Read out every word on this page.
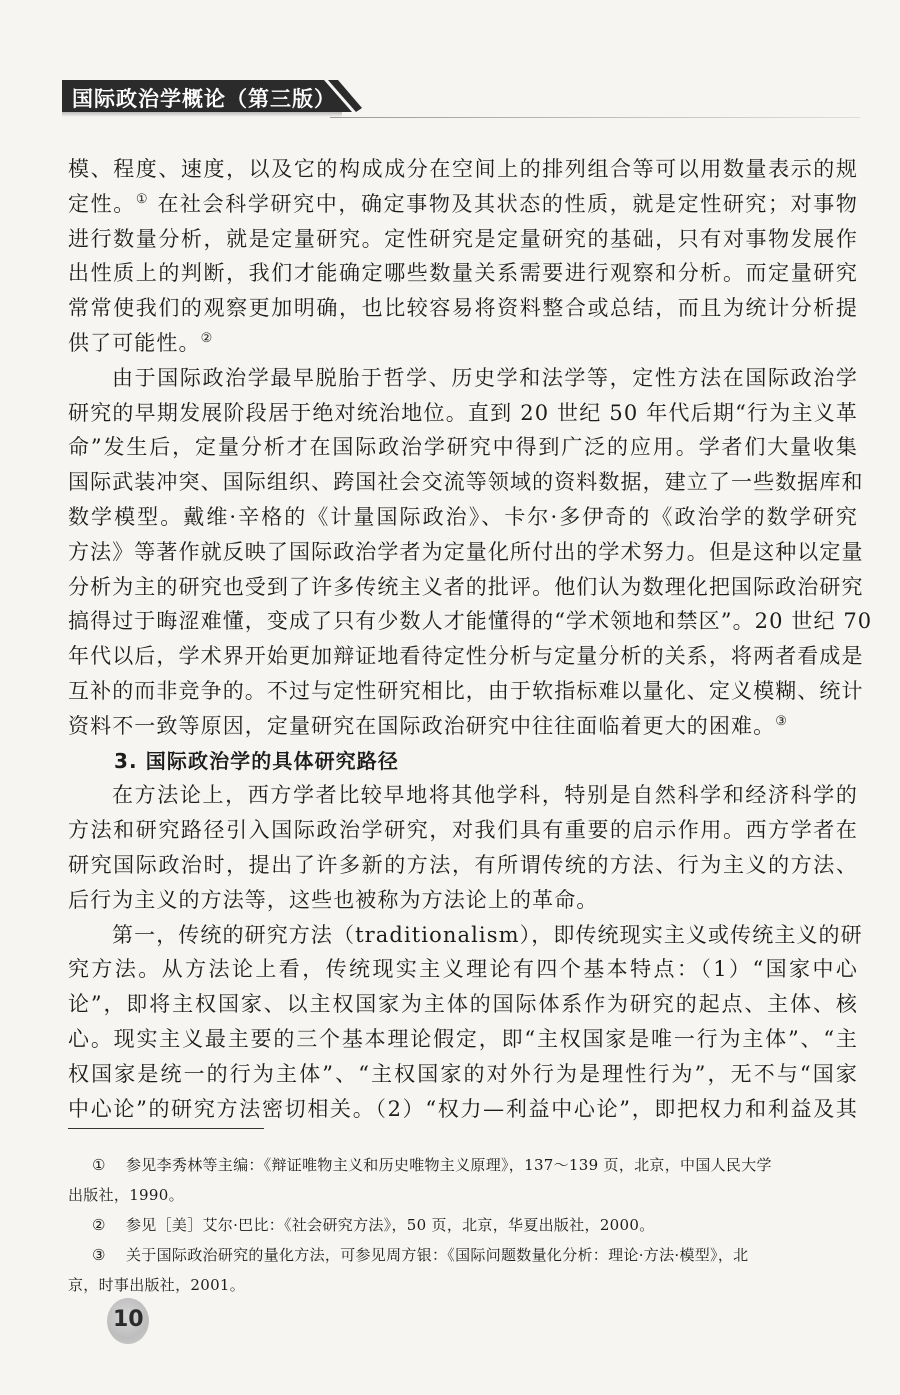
国际政治学概论（第三版）
模、程度、速度，以及它的构成成分在空间上的排列组合等可以用数量表示的规
定性。① 在社会科学研究中，确定事物及其状态的性质，就是定性研究；对事物
进行数量分析，就是定量研究。定性研究是定量研究的基础，只有对事物发展作
出性质上的判断，我们才能确定哪些数量关系需要进行观察和分析。而定量研究
常常使我们的观察更加明确，也比较容易将资料整合或总结，而且为统计分析提
供了可能性。②
由于国际政治学最早脱胎于哲学、历史学和法学等，定性方法在国际政治学
研究的早期发展阶段居于绝对统治地位。直到 20 世纪 50 年代后期“行为主义革
命”发生后，定量分析才在国际政治学研究中得到广泛的应用。学者们大量收集
国际武装冲突、国际组织、跨国社会交流等领域的资料数据，建立了一些数据库和
数学模型。戴维·辛格的《计量国际政治》、卡尔·多伊奇的《政治学的数学研究
方法》等著作就反映了国际政治学者为定量化所付出的学术努力。但是这种以定量
分析为主的研究也受到了许多传统主义者的批评。他们认为数理化把国际政治研究
搞得过于晦涩难懂，变成了只有少数人才能懂得的“学术领地和禁区”。20 世纪 70
年代以后，学术界开始更加辩证地看待定性分析与定量分析的关系，将两者看成是
互补的而非竞争的。不过与定性研究相比，由于软指标难以量化、定义模糊、统计
资料不一致等原因，定量研究在国际政治研究中往往面临着更大的困难。③
3. 国际政治学的具体研究路径
在方法论上，西方学者比较早地将其他学科，特别是自然科学和经济科学的
方法和研究路径引入国际政治学研究，对我们具有重要的启示作用。西方学者在
研究国际政治时，提出了许多新的方法，有所谓传统的方法、行为主义的方法、
后行为主义的方法等，这些也被称为方法论上的革命。
第一，传统的研究方法（traditionalism），即传统现实主义或传统主义的研
究方法。从方法论上看，传统现实主义理论有四个基本特点：（1）“国家中心
论”，即将主权国家、以主权国家为主体的国际体系作为研究的起点、主体、核
心。现实主义最主要的三个基本理论假定，即“主权国家是唯一行为主体”、“主
权国家是统一的行为主体”、“主权国家的对外行为是理性行为”，无不与“国家
中心论”的研究方法密切相关。（2）“权力—利益中心论”，即把权力和利益及其
① 参见李秀林等主编：《辩证唯物主义和历史唯物主义原理》，137～139 页，北京，中国人民大学
出版社，1990。
② 参见［美］艾尔·巴比：《社会研究方法》，50 页，北京，华夏出版社，2000。
③ 关于国际政治研究的量化方法，可参见周方银：《国际问题数量化分析：理论·方法·模型》，北
京，时事出版社，2001。
10
